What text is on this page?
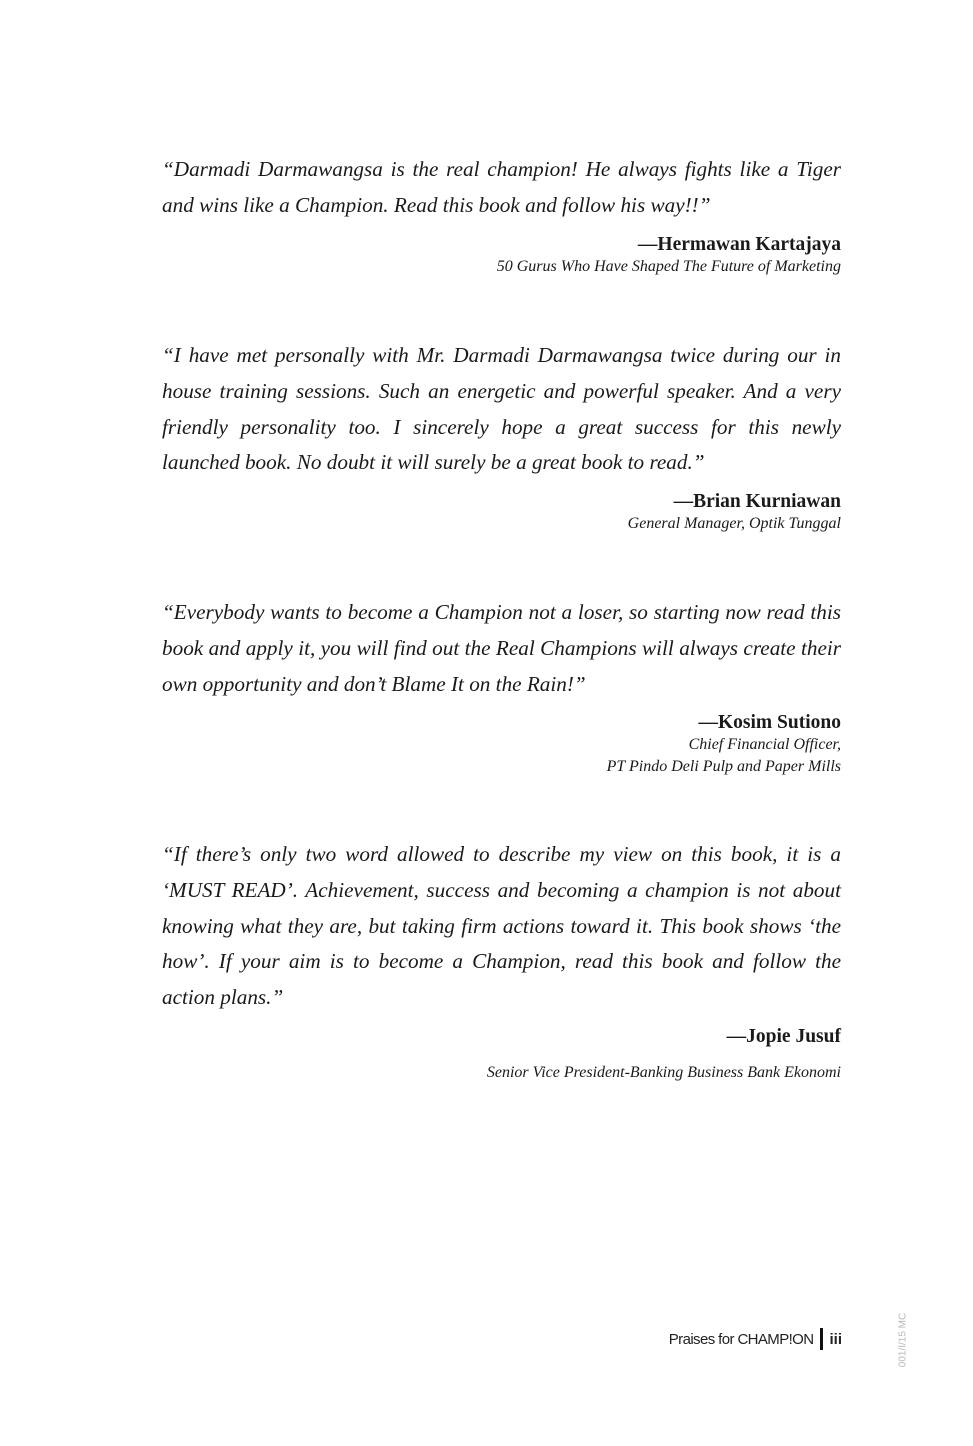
“Darmadi Darmawangsa is the real champion! He always fights like a Tiger and wins like a Champion. Read this book and follow his way!!”

—Hermawan Kartajaya
50 Gurus Who Have Shaped The Future of Marketing

“I have met personally with Mr. Darmadi Darmawangsa twice during our in house training sessions. Such an energetic and powerful speaker. And a very friendly personality too. I sincerely hope a great success for this newly launched book. No doubt it will surely be a great book to read.”

—Brian Kurniawan
General Manager, Optik Tunggal

“Everybody wants to become a Champion not a loser, so starting now read this book and apply it, you will find out the Real Champions will always create their own opportunity and don’t Blame It on the Rain!”

—Kosim Sutiono
Chief Financial Officer,
PT Pindo Deli Pulp and Paper Mills

“If there’s only two word allowed to describe my view on this book, it is a ‘MUST READ’. Achievement, success and becoming a champion is not about knowing what they are, but taking firm actions toward it. This book shows ‘the how’. If your aim is to become a Champion, read this book and follow the action plans.”

—Jopie Jusuf
Senior Vice President-Banking Business Bank Ekonomi
Praises for CHAMP!ON iii	001/I/15 MC
